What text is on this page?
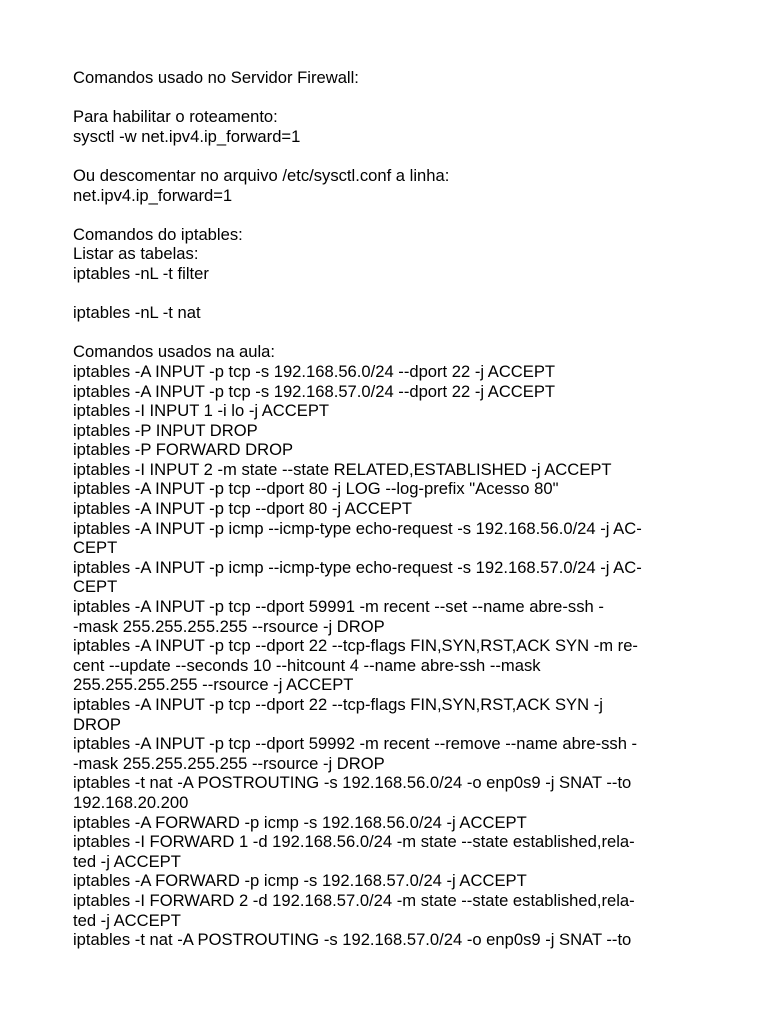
Comandos usado no Servidor Firewall:
Para habilitar o roteamento:
sysctl -w net.ipv4.ip_forward=1
Ou descomentar no arquivo /etc/sysctl.conf a linha:
net.ipv4.ip_forward=1
Comandos do iptables:
Listar as tabelas:
iptables -nL -t filter
iptables -nL -t nat
Comandos usados na aula:
iptables -A INPUT -p tcp -s 192.168.56.0/24 --dport 22 -j ACCEPT
iptables -A INPUT -p tcp -s 192.168.57.0/24 --dport 22 -j ACCEPT
iptables -I INPUT 1 -i lo -j ACCEPT
iptables -P INPUT DROP
iptables -P FORWARD DROP
iptables -I INPUT 2 -m state --state RELATED,ESTABLISHED -j ACCEPT
iptables -A INPUT -p tcp --dport 80 -j LOG --log-prefix "Acesso 80"
iptables -A INPUT -p tcp --dport 80 -j ACCEPT
iptables -A INPUT -p icmp --icmp-type echo-request -s 192.168.56.0/24 -j AC-
CEPT
iptables -A INPUT -p icmp --icmp-type echo-request -s 192.168.57.0/24 -j AC-
CEPT
iptables -A INPUT -p tcp --dport 59991 -m recent --set --name abre-ssh -
-mask 255.255.255.255 --rsource -j DROP
iptables -A INPUT -p tcp --dport 22 --tcp-flags FIN,SYN,RST,ACK SYN -m re-
cent --update --seconds 10 --hitcount 4 --name abre-ssh --mask
255.255.255.255 --rsource -j ACCEPT
iptables -A INPUT -p tcp --dport 22 --tcp-flags FIN,SYN,RST,ACK SYN -j
DROP
iptables -A INPUT -p tcp --dport 59992 -m recent --remove --name abre-ssh -
-mask 255.255.255.255 --rsource -j DROP
iptables -t nat -A POSTROUTING -s 192.168.56.0/24 -o enp0s9 -j SNAT --to
192.168.20.200
iptables -A FORWARD -p icmp -s 192.168.56.0/24 -j ACCEPT
iptables -I FORWARD 1 -d 192.168.56.0/24 -m state --state established,rela-
ted -j ACCEPT
iptables -A FORWARD -p icmp -s 192.168.57.0/24 -j ACCEPT
iptables -I FORWARD 2 -d 192.168.57.0/24 -m state --state established,rela-
ted -j ACCEPT
iptables -t nat -A POSTROUTING -s 192.168.57.0/24 -o enp0s9 -j SNAT --to
